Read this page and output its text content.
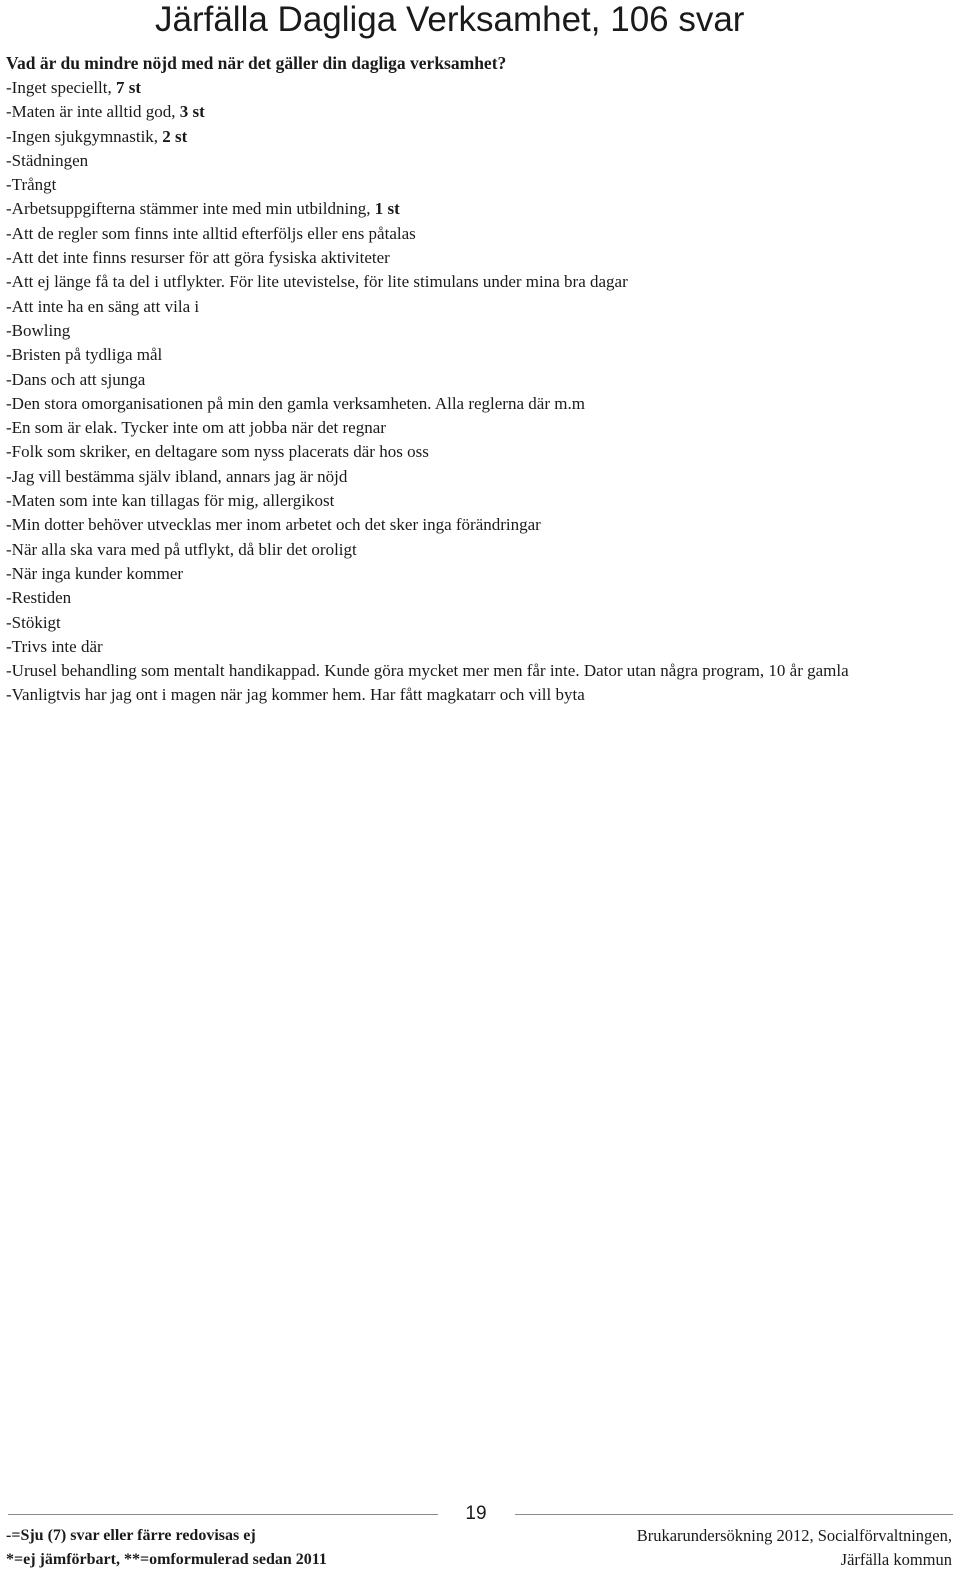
Järfälla Dagliga Verksamhet, 106 svar

Vad är du mindre nöjd med när det gäller din dagliga verksamhet?

-Inget speciellt, 7 st
-Maten är inte alltid god, 3 st
-Ingen sjukgymnastik, 2 st
-Städningen
-Trångt
-Arbetsuppgifterna stämmer inte med min utbildning, 1 st
-Att de regler som finns inte alltid efterföljs eller ens påtalas
-Att det inte finns resurser för att göra fysiska aktiviteter
-Att ej länge få ta del i utflykter. För lite utevistelse, för lite stimulans under mina bra dagar
-Att inte ha en säng att vila i
-Bowling
-Bristen på tydliga mål
-Dans och att sjunga
-Den stora omorganisationen på min den gamla verksamheten. Alla reglerna där m.m
-En som är elak. Tycker inte om att jobba när det regnar
-Folk som skriker, en deltagare som nyss placerats där hos oss
-Jag vill bestämma själv ibland, annars jag är nöjd
-Maten som inte kan tillagas för mig, allergikost
-Min dotter behöver utvecklas mer inom arbetet och det sker inga förändringar
-När alla ska vara med på utflykt, då blir det oroligt
-När inga kunder kommer
-Restiden
-Stökigt
-Trivs inte där
-Urusel behandling som mentalt handikappad. Kunde göra mycket mer men får inte. Dator utan några program, 10 år gamla
-Vanligtvis har jag ont i magen när jag kommer hem. Har fått magkatarr och vill byta
19
-=Sju (7) svar eller färre redovisas ej
*=ej jämförbart, **=omformulerad sedan 2011
Brukarundersökning 2012, Socialförvaltningen,
Järfälla kommun
